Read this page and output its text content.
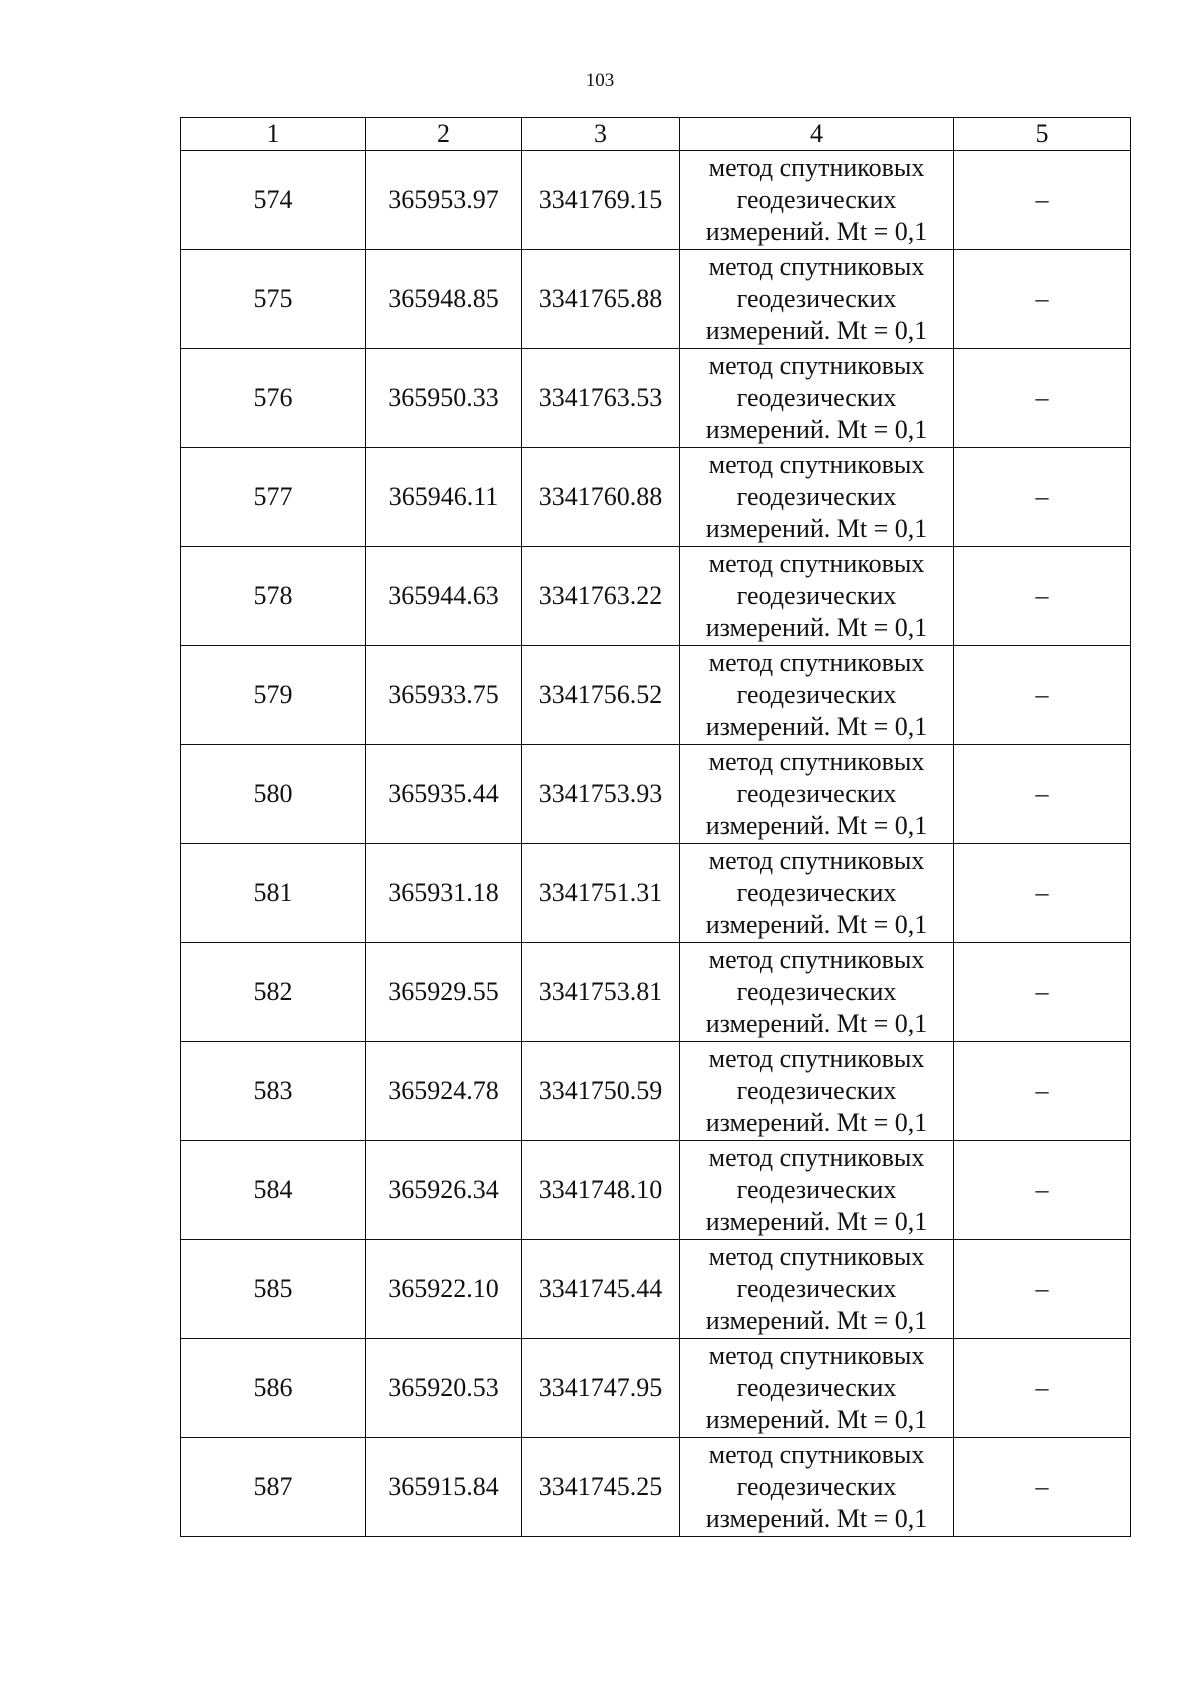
103
1	2	3	4	5
574	365953.97	3341769.15	метод спутниковых
геодезических
измерений. Mt = 0,1	–
575	365948.85	3341765.88	метод спутниковых
геодезических
измерений. Mt = 0,1	–
576	365950.33	3341763.53	метод спутниковых
геодезических
измерений. Mt = 0,1	–
577	365946.11	3341760.88	метод спутниковых
геодезических
измерений. Mt = 0,1	–
578	365944.63	3341763.22	метод спутниковых
геодезических
измерений. Mt = 0,1	–
579	365933.75	3341756.52	метод спутниковых
геодезических
измерений. Mt = 0,1	–
580	365935.44	3341753.93	метод спутниковых
геодезических
измерений. Mt = 0,1	–
581	365931.18	3341751.31	метод спутниковых
геодезических
измерений. Mt = 0,1	–
582	365929.55	3341753.81	метод спутниковых
геодезических
измерений. Mt = 0,1	–
583	365924.78	3341750.59	метод спутниковых
геодезических
измерений. Mt = 0,1	–
584	365926.34	3341748.10	метод спутниковых
геодезических
измерений. Mt = 0,1	–
585	365922.10	3341745.44	метод спутниковых
геодезических
измерений. Mt = 0,1	–
586	365920.53	3341747.95	метод спутниковых
геодезических
измерений. Mt = 0,1	–
587	365915.84	3341745.25	метод спутниковых
геодезических
измерений. Mt = 0,1	–
